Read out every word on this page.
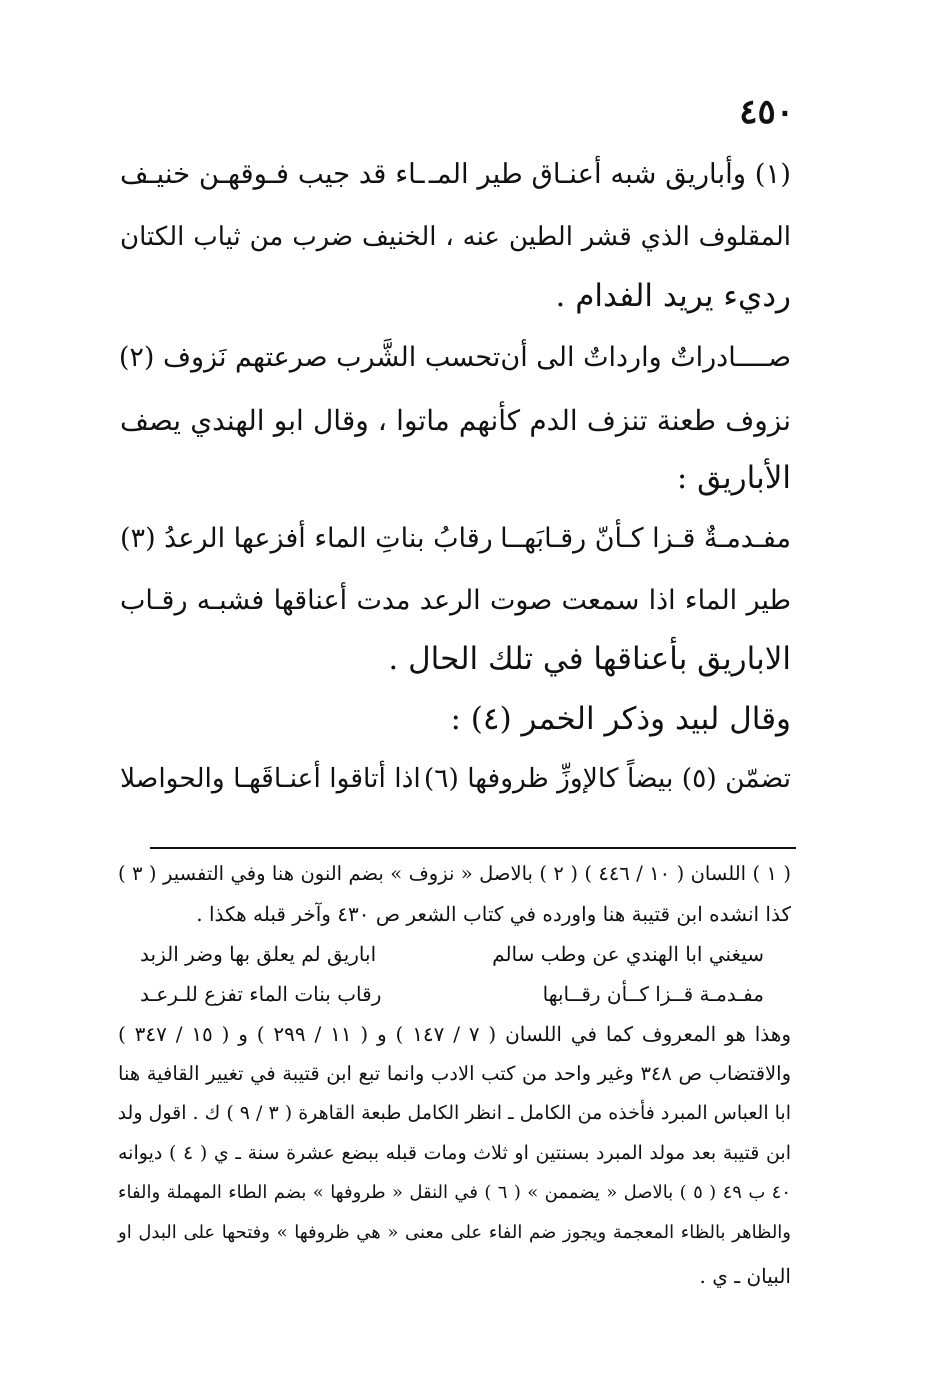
٤٥٠
(١) وأباريق شبه أعنـاق طير المـ
ـاء قد جيب فـوقهـن خنيـف
المقلوف الذي قشر الطين عنه ، الخنيف ضرب من ثياب الكتان
رديء يريد الفدام .
صــــادراتٌ وارداتٌ الى أن
تحسب الشَّرب صرعتهم نَزوف (٢)
نزوف طعنة تنزف الدم كأنهم ماتوا ، وقال ابو الهندي يصف
الأباريق :
مفـدمـةٌ قـزا كـأنّ رقـابَهــا
رقابُ بناتِ الماء أفزعها الرعدُ (٣)
طير الماء اذا سمعت صوت الرعد مدت أعناقها فشبـه رقـاب
الاباريق بأعناقها في تلك الحال .
وقال لبيد وذكر الخمر (٤) :
تضمّن (٥) بيضاً كالإوزِّ ظروفها (٦)
اذا أتاقوا أعنـاقَهـا والحواصلا
( ١ ) اللسان ( ١٠ / ٤٤٦ ) ( ٢ ) بالاصل « نزوف » بضم النون هنا وفي التفسير ( ٣ )
كذا انشده ابن قتيبة هنا واورده في كتاب الشعر ص ٤٣٠ وآخر قبله هكذا .
سيغني ابا الهندي عن وطب سالم
اباريق لم يعلق بها وضر الزبد
مفـدمـة قــزا كــأن رقــابها
رقاب بنات الماء تفزع للـرعـد
وهذا هو المعروف كما في اللسان ( ٧ / ١٤٧ ) و ( ١١ / ٢٩٩ ) و ( ١٥ / ٣٤٧ )
والاقتضاب ص ٣٤٨ وغير واحد من كتب الادب وانما تبع ابن قتيبة في تغيير القافية هنا
ابا العباس المبرد فأخذه من الكامل ـ انظر الكامل طبعة القاهرة ( ٣ / ٩ ) ك . اقول ولد
ابن قتيبة بعد مولد المبرد بسنتين او ثلاث ومات قبله ببضع عشرة سنة ـ ي ( ٤ ) ديوانه
٤٠ ب ٤٩ ( ٥ ) بالاصل « يضممن » ( ٦ ) في النقل « طروفها » بضم الطاء المهملة والفاء
والظاهر بالظاء المعجمة ويجوز ضم الفاء على معنى « هي ظروفها » وفتحها على البدل او
البيان ـ ي .
